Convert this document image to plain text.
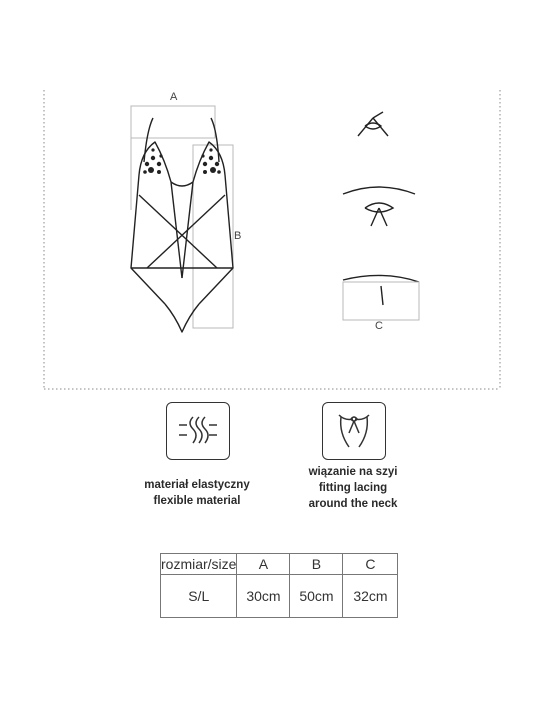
A
B
C
materiał elastyczny
flexible material
wiązanie na szyi
fitting lacing
around the neck
rozmiar/size	A	B	C
S/L	30cm	50cm	32cm
